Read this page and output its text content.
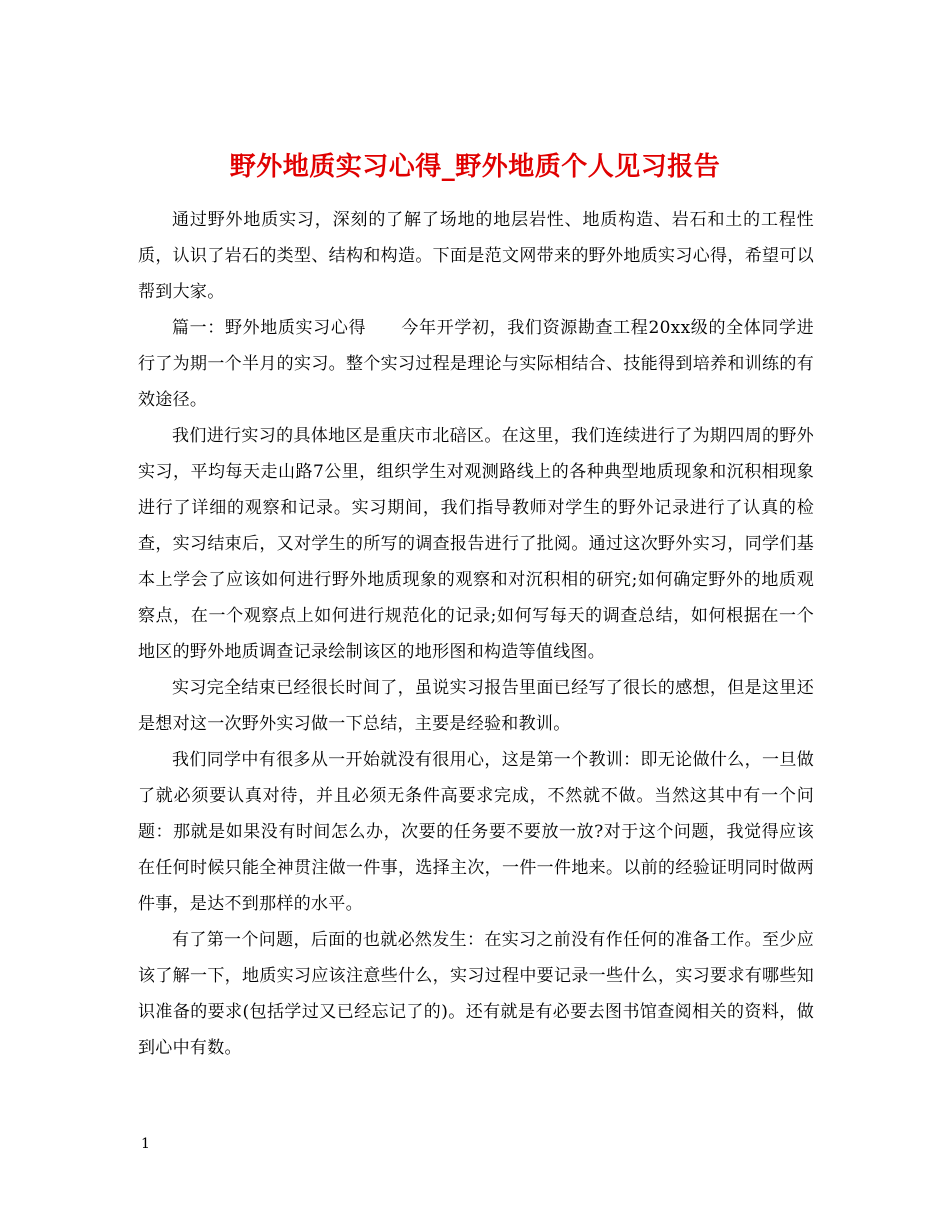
野外地质实习心得_野外地质个人见习报告

通过野外地质实习，深刻的了解了场地的地层岩性、地质构造、岩石和土的工程性质，认识了岩石的类型、结构和构造。下面是范文网带来的野外地质实习心得，希望可以帮到大家。

篇一：野外地质实习心得　　今年开学初，我们资源勘查工程20xx级的全体同学进行了为期一个半月的实习。整个实习过程是理论与实际相结合、技能得到培养和训练的有效途径。

我们进行实习的具体地区是重庆市北碚区。在这里，我们连续进行了为期四周的野外实习，平均每天走山路7公里，组织学生对观测路线上的各种典型地质现象和沉积相现象进行了详细的观察和记录。实习期间，我们指导教师对学生的野外记录进行了认真的检查，实习结束后，又对学生的所写的调查报告进行了批阅。通过这次野外实习，同学们基本上学会了应该如何进行野外地质现象的观察和对沉积相的研究;如何确定野外的地质观察点，在一个观察点上如何进行规范化的记录;如何写每天的调查总结，如何根据在一个地区的野外地质调查记录绘制该区的地形图和构造等值线图。

实习完全结束已经很长时间了，虽说实习报告里面已经写了很长的感想，但是这里还是想对这一次野外实习做一下总结，主要是经验和教训。

我们同学中有很多从一开始就没有很用心，这是第一个教训：即无论做什么，一旦做了就必须要认真对待，并且必须无条件高要求完成，不然就不做。当然这其中有一个问题：那就是如果没有时间怎么办，次要的任务要不要放一放?对于这个问题，我觉得应该在任何时候只能全神贯注做一件事，选择主次，一件一件地来。以前的经验证明同时做两件事，是达不到那样的水平。

有了第一个问题，后面的也就必然发生：在实习之前没有作任何的准备工作。至少应该了解一下，地质实习应该注意些什么，实习过程中要记录一些什么，实习要求有哪些知识准备的要求(包括学过又已经忘记了的)。还有就是有必要去图书馆查阅相关的资料，做到心中有数。

1
